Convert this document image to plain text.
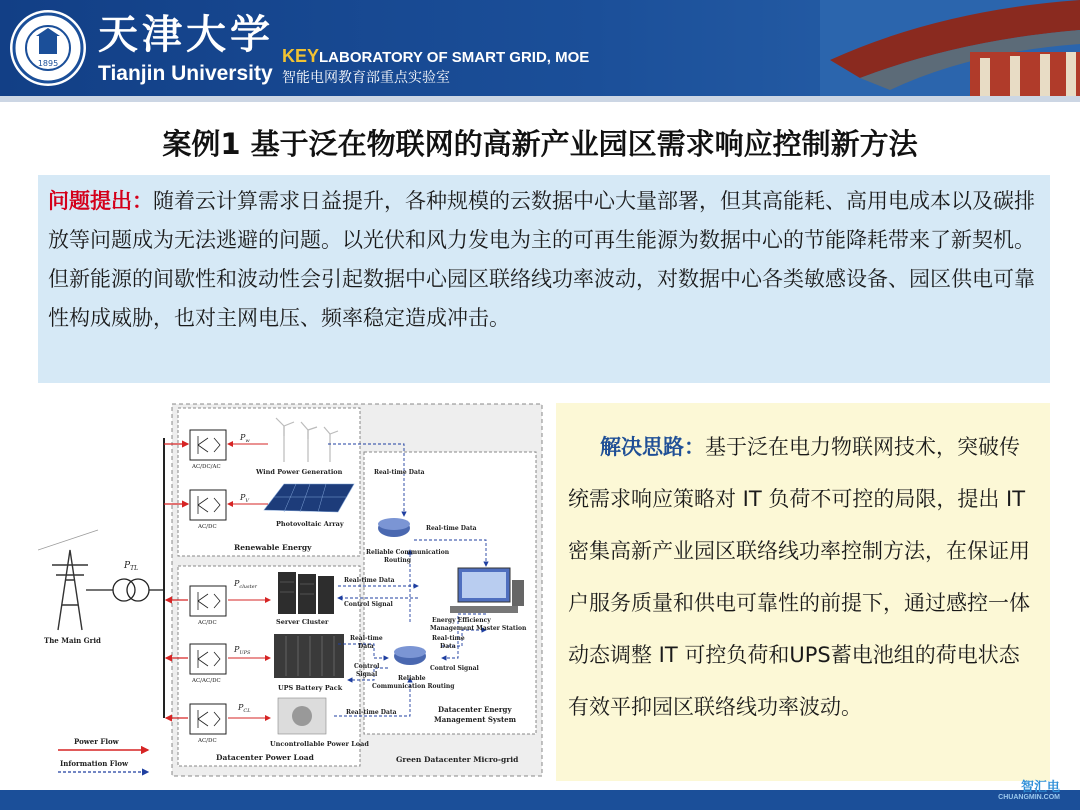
1895
天津大学
Tianjin University
KEYLABORATORY OF SMART GRID, MOE
智能电网教育部重点实验室
案例1 基于泛在物联网的高新产业园区需求响应控制新方法
问题提出：随着云计算需求日益提升，各种规模的云数据中心大量部署，但其高能耗、高用电成本以及碳排放等问题成为无法逃避的问题。以光伏和风力发电为主的可再生能源为数据中心的节能降耗带来了新契机。但新能源的间歇性和波动性会引起数据中心园区联络线功率波动，对数据中心各类敏感设备、园区供电可靠性构成威胁，也对主网电压、频率稳定造成冲击。
The Main Grid
$P_{TL}$
AC/DC/AC
AC/DC
AC/DC
AC/AC/DC
AC/DC
$P_w$
$P_V$
$P_{cluster}$
$P_{UPS}$
$P_{CL}$
Wind Power Generation
Photovoltaic Array
Renewable Energy
Server Cluster
UPS Battery Pack
Uncontrollable Power Load
Datacenter Power Load
Real-time Data
Real-time Data
Reliable Communication
Routing
Real-time Data
Control Signal
Energy Efficiency
Management Master Station
Real-time
Data
Real-time
Data
Control
Signal
Control Signal
Reliable
Communication Routing
Real-time Data	Datacenter Energy
Management System
Green Datacenter Micro-grid
Power Flow
Information Flow
解决思路：基于泛在电力物联网技术，突破传统需求响应策略对 IT 负荷不可控的局限，提出 IT 密集高新产业园区联络线功率控制方法，在保证用户服务质量和供电可靠性的前提下，通过感控一体动态调整 IT 可控负荷和UPS蓄电池组的荷电状态有效平抑园区联络线功率波动。
智汇电
CHUANGMIN.COM
